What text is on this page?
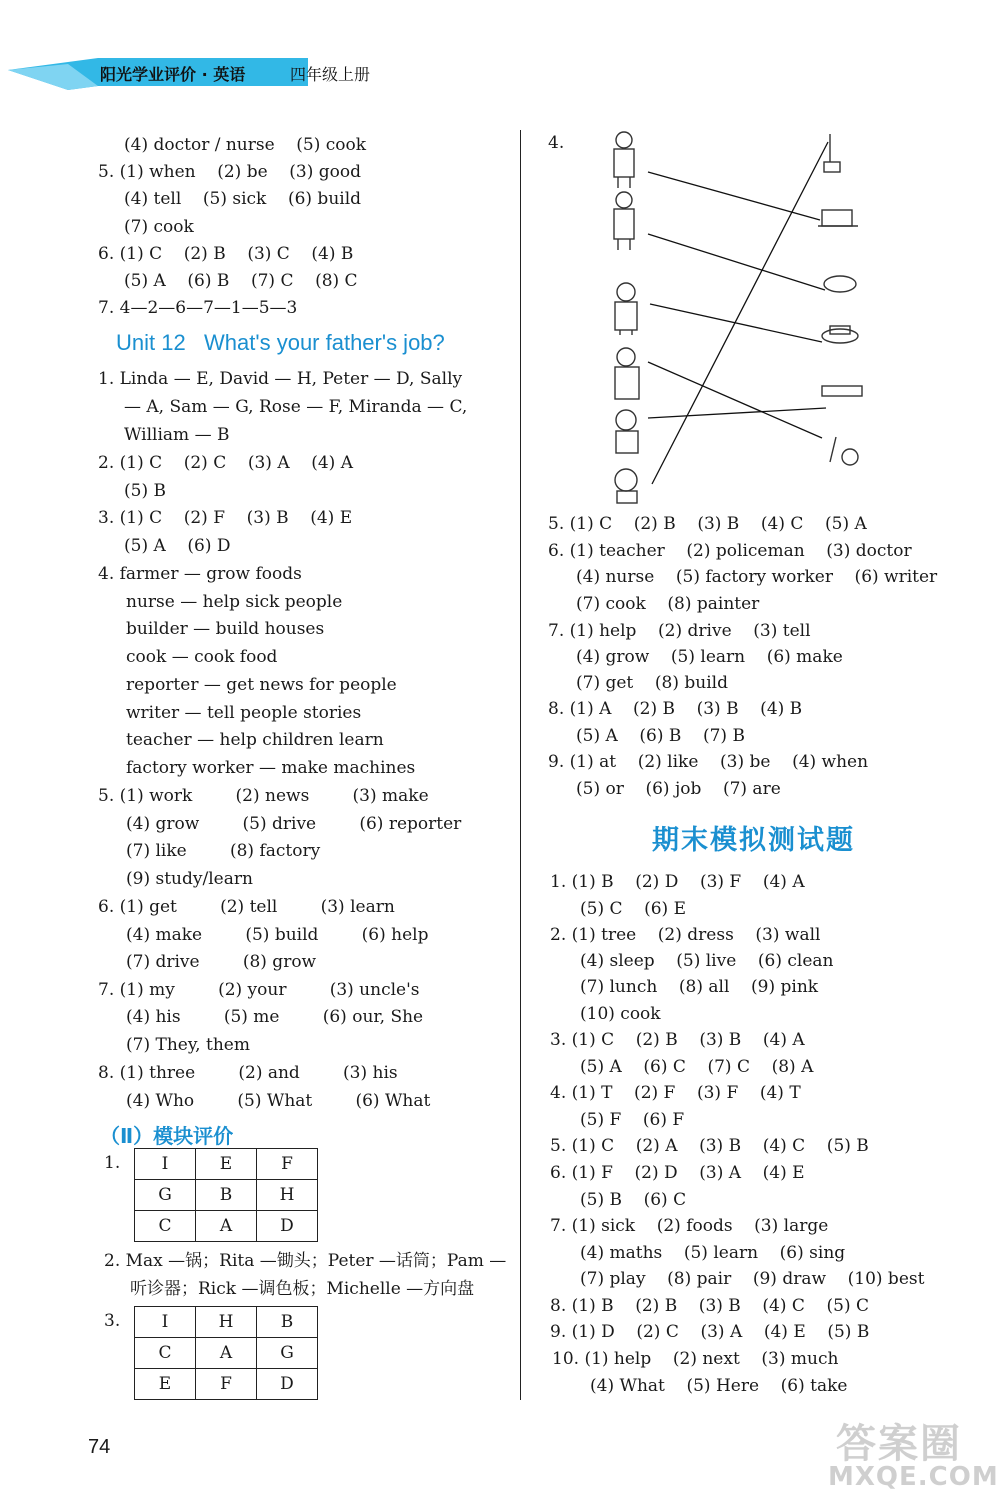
阳光学业评价 · 英语	四年级上册
(4) doctor / nurse    (5) cook
5. (1) when    (2) be    (3) good
(4) tell    (5) sick    (6) build
(7) cook
6. (1) C    (2) B    (3) C    (4) B
(5) A    (6) B    (7) C    (8) C
7. 4—2—6—7—1—5—3
Unit 12   What's your father's job?
1. Linda — E, David — H, Peter — D, Sally
— A, Sam — G, Rose — F, Miranda — C,
William — B
2. (1) C    (2) C    (3) A    (4) A
(5) B
3. (1) C    (2) F    (3) B    (4) E
(5) A    (6) D
4. farmer — grow foods
nurse — help sick people
builder — build houses
cook — cook food
reporter — get news for people
writer — tell people stories
teacher — help children learn
factory worker — make machines
5. (1) work        (2) news        (3) make
(4) grow        (5) drive        (6) reporter
(7) like        (8) factory
(9) study/learn
6. (1) get        (2) tell        (3) learn
(4) make        (5) build        (6) help
(7) drive        (8) grow
7. (1) my        (2) your        (3) uncle's
(4) his        (5) me        (6) our, She
(7) They, them
8. (1) three        (2) and        (3) his
(4) Who        (5) What        (6) What
（Ⅱ）模块评价
1. I	E	F
G	B	H
C	A	D
2. Max —锅；Rita —锄头；Peter —话筒；Pam —
听诊器；Rick —调色板；Michelle —方向盘
3. I	H	B
C	A	G
E	F	D
4.
5. (1) C    (2) B    (3) B    (4) C    (5) A
6. (1) teacher    (2) policeman    (3) doctor
(4) nurse    (5) factory worker    (6) writer
(7) cook    (8) painter
7. (1) help    (2) drive    (3) tell
(4) grow    (5) learn    (6) make
(7) get    (8) build
8. (1) A    (2) B    (3) B    (4) B
(5) A    (6) B    (7) B
9. (1) at    (2) like    (3) be    (4) when
(5) or    (6) job    (7) are
期末模拟测试题
1. (1) B    (2) D    (3) F    (4) A
(5) C    (6) E
2. (1) tree    (2) dress    (3) wall
(4) sleep    (5) live    (6) clean
(7) lunch    (8) all    (9) pink
(10) cook
3. (1) C    (2) B    (3) B    (4) A
(5) A    (6) C    (7) C    (8) A
4. (1) T    (2) F    (3) F    (4) T
(5) F    (6) F
5. (1) C    (2) A    (3) B    (4) C    (5) B
6. (1) F    (2) D    (3) A    (4) E
(5) B    (6) C
7. (1) sick    (2) foods    (3) large
(4) maths    (5) learn    (6) sing
(7) play    (8) pair    (9) draw    (10) best
8. (1) B    (2) B    (3) B    (4) C    (5) C
9. (1) D    (2) C    (3) A    (4) E    (5) B
10. (1) help    (2) next    (3) much
(4) What    (5) Here    (6) take
74	答案圈
MXQE.COM
